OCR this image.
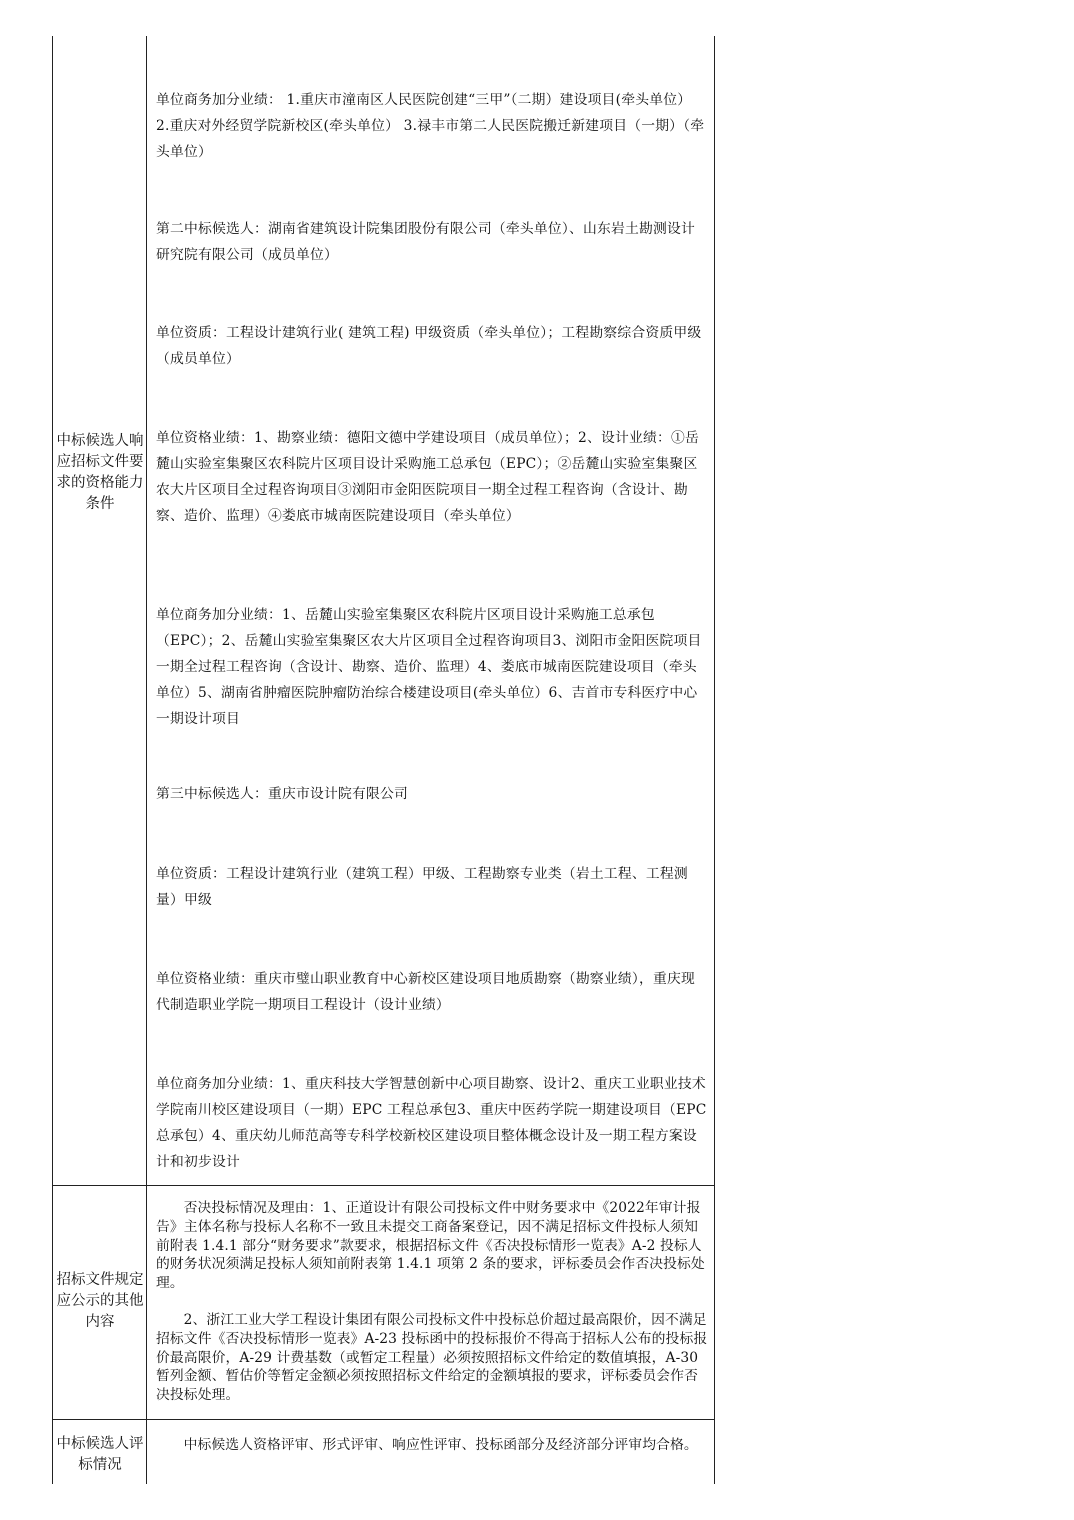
中标候选人响应招标文件要求的资格能力条件
单位商务加分业绩： 1.重庆市潼南区人民医院创建“三甲”（二期）建设项目(牵头单位） 2.重庆对外经贸学院新校区(牵头单位） 3.禄丰市第二人民医院搬迁新建项目（一期）（牵头单位）
第二中标候选人：湖南省建筑设计院集团股份有限公司（牵头单位）、山东岩土勘测设计研究院有限公司（成员单位）
单位资质：工程设计建筑行业( 建筑工程) 甲级资质（牵头单位）；工程勘察综合资质甲级（成员单位）
单位资格业绩：1、勘察业绩：德阳文德中学建设项目（成员单位）；2、设计业绩：①岳麓山实验室集聚区农科院片区项目设计采购施工总承包（EPC）；②岳麓山实验室集聚区农大片区项目全过程咨询项目③浏阳市金阳医院项目一期全过程工程咨询（含设计、勘察、造价、监理）④娄底市城南医院建设项目（牵头单位）
单位商务加分业绩：1、岳麓山实验室集聚区农科院片区项目设计采购施工总承包（EPC）；2、岳麓山实验室集聚区农大片区项目全过程咨询项目3、浏阳市金阳医院项目一期全过程工程咨询（含设计、勘察、造价、监理）4、娄底市城南医院建设项目（牵头单位）5、湖南省肿瘤医院肿瘤防治综合楼建设项目(牵头单位）6、吉首市专科医疗中心一期设计项目
第三中标候选人：重庆市设计院有限公司
单位资质：工程设计建筑行业（建筑工程）甲级、工程勘察专业类（岩土工程、工程测量）甲级
单位资格业绩：重庆市璧山职业教育中心新校区建设项目地质勘察（勘察业绩），重庆现代制造职业学院一期项目工程设计（设计业绩）
单位商务加分业绩：1、重庆科技大学智慧创新中心项目勘察、设计2、重庆工业职业技术学院南川校区建设项目（一期）EPC 工程总承包3、重庆中医药学院一期建设项目（EPC 总承包）4、重庆幼儿师范高等专科学校新校区建设项目整体概念设计及一期工程方案设计和初步设计
招标文件规定应公示的其他内容
否决投标情况及理由：1、正道设计有限公司投标文件中财务要求中《2022年审计报告》主体名称与投标人名称不一致且未提交工商备案登记，因不满足招标文件投标人须知前附表 1.4.1 部分“财务要求”款要求，根据招标文件《否决投标情形一览表》A-2 投标人的财务状况须满足投标人须知前附表第 1.4.1 项第 2 条的要求，评标委员会作否决投标处理。
2、浙江工业大学工程设计集团有限公司投标文件中投标总价超过最高限价，因不满足招标文件《否决投标情形一览表》A-23 投标函中的投标报价不得高于招标人公布的投标报价最高限价，A-29 计费基数（或暂定工程量）必须按照招标文件给定的数值填报，A-30 暂列金额、暂估价等暂定金额必须按照招标文件给定的金额填报的要求，评标委员会作否决投标处理。
中标候选人评标情况
中标候选人资格评审、形式评审、响应性评审、投标函部分及经济部分评审均合格。
